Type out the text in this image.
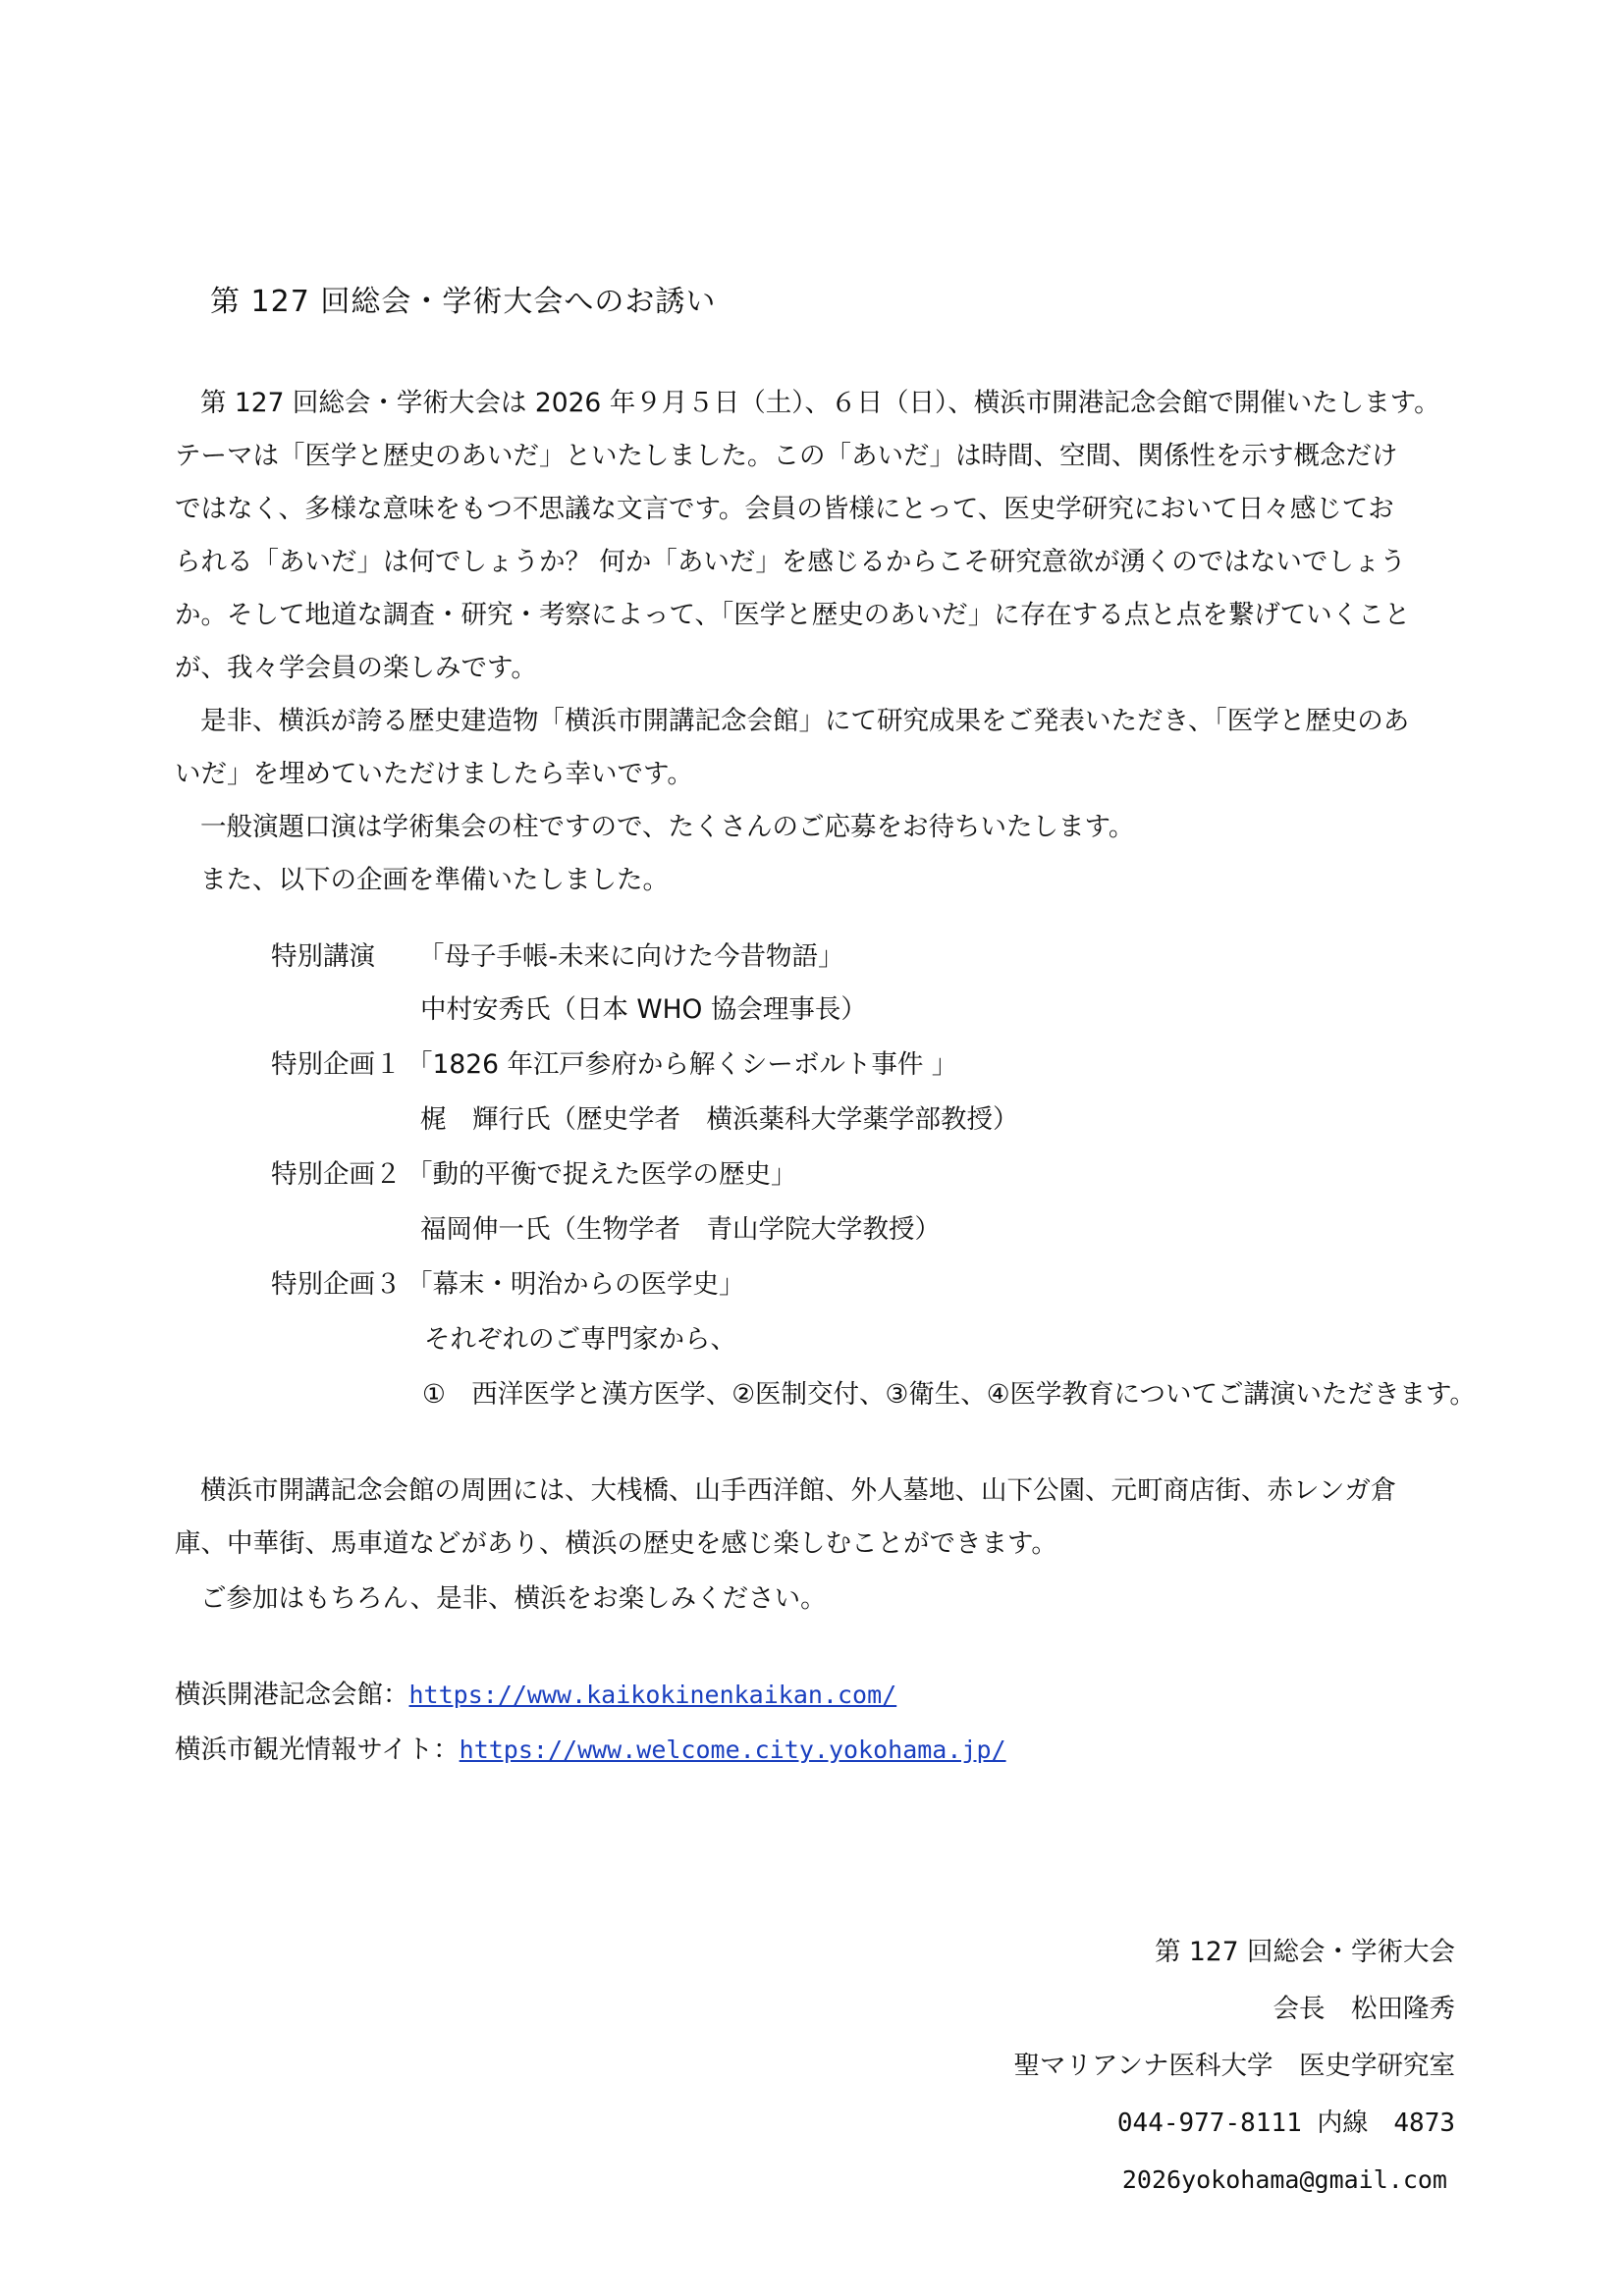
第 127 回総会・学術大会へのお誘い
第 127 回総会・学術大会は 2026 年９月５日（土）、６日（日）、横浜市開港記念会館で開催いたします。
テーマは「医学と歴史のあいだ」といたしました。この「あいだ」は時間、空間、関係性を示す概念だけ
ではなく、多様な意味をもつ不思議な文言です。会員の皆様にとって、医史学研究において日々感じてお
られる「あいだ」は何でしょうか？ 何か「あいだ」を感じるからこそ研究意欲が湧くのではないでしょう
か。そして地道な調査・研究・考察によって、「医学と歴史のあいだ」に存在する点と点を繋げていくこと
が、我々学会員の楽しみです。
是非、横浜が誇る歴史建造物「横浜市開講記念会館」にて研究成果をご発表いただき、「医学と歴史のあ
いだ」を埋めていただけましたら幸いです。
一般演題口演は学術集会の柱ですので、たくさんのご応募をお待ちいたします。
また、以下の企画を準備いたしました。
特別講演 「母子手帳-未来に向けた今昔物語」
中村安秀氏（日本 WHO 協会理事長）
特別企画１ 「1826 年江戸参府から解くシーボルト事件 」
梶　輝行氏（歴史学者　横浜薬科大学薬学部教授）
特別企画２ 「動的平衡で捉えた医学の歴史」
福岡伸一氏（生物学者　青山学院大学教授）
特別企画３ 「幕末・明治からの医学史」
それぞれのご専門家から、
①　西洋医学と漢方医学、②医制交付、③衛生、④医学教育についてご講演いただきます。
横浜市開講記念会館の周囲には、大桟橋、山手西洋館、外人墓地、山下公園、元町商店街、赤レンガ倉
庫、中華街、馬車道などがあり、横浜の歴史を感じ楽しむことができます。
ご参加はもちろん、是非、横浜をお楽しみください。
横浜開港記念会館：https://www.kaikokinenkaikan.com/
横浜市観光情報サイト：https://www.welcome.city.yokohama.jp/
第 127 回総会・学術大会
会長　松田隆秀
聖マリアンナ医科大学　医史学研究室
044-977-8111 内線　4873
2026yokohama@gmail.com
